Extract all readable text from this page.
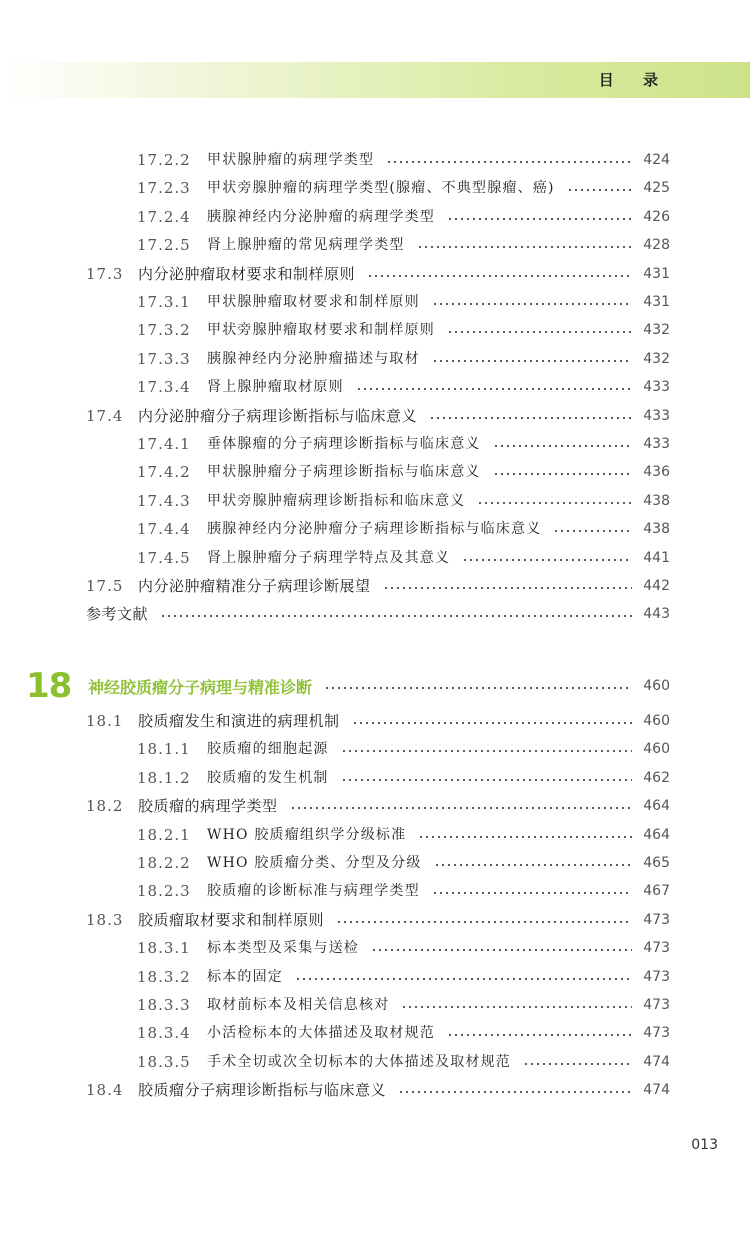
目 录
17.2.2	甲状腺肿瘤的病理学类型	424
17.2.3	甲状旁腺肿瘤的病理学类型(腺瘤、不典型腺瘤、癌)	425
17.2.4	胰腺神经内分泌肿瘤的病理学类型	426
17.2.5	肾上腺肿瘤的常见病理学类型	428
17.3 内分泌肿瘤取材要求和制样原则	431
17.3.1	甲状腺肿瘤取材要求和制样原则	431
17.3.2	甲状旁腺肿瘤取材要求和制样原则	432
17.3.3	胰腺神经内分泌肿瘤描述与取材	432
17.3.4	肾上腺肿瘤取材原则	433
17.4 内分泌肿瘤分子病理诊断指标与临床意义	433
17.4.1	垂体腺瘤的分子病理诊断指标与临床意义	433
17.4.2	甲状腺肿瘤分子病理诊断指标与临床意义	436
17.4.3	甲状旁腺肿瘤病理诊断指标和临床意义	438
17.4.4	胰腺神经内分泌肿瘤分子病理诊断指标与临床意义	438
17.4.5	肾上腺肿瘤分子病理学特点及其意义	441
17.5 内分泌肿瘤精准分子病理诊断展望	442
参考文献	443
18	神经胶质瘤分子病理与精准诊断	460
18.1 胶质瘤发生和演进的病理机制	460
18.1.1	胶质瘤的细胞起源	460
18.1.2	胶质瘤的发生机制	462
18.2 胶质瘤的病理学类型	464
18.2.1	WHO 胶质瘤组织学分级标准	464
18.2.2	WHO 胶质瘤分类、分型及分级	465
18.2.3	胶质瘤的诊断标准与病理学类型	467
18.3 胶质瘤取材要求和制样原则	473
18.3.1	标本类型及采集与送检	473
18.3.2	标本的固定	473
18.3.3	取材前标本及相关信息核对	473
18.3.4	小活检标本的大体描述及取材规范	473
18.3.5	手术全切或次全切标本的大体描述及取材规范	474
18.4 胶质瘤分子病理诊断指标与临床意义	474
013
